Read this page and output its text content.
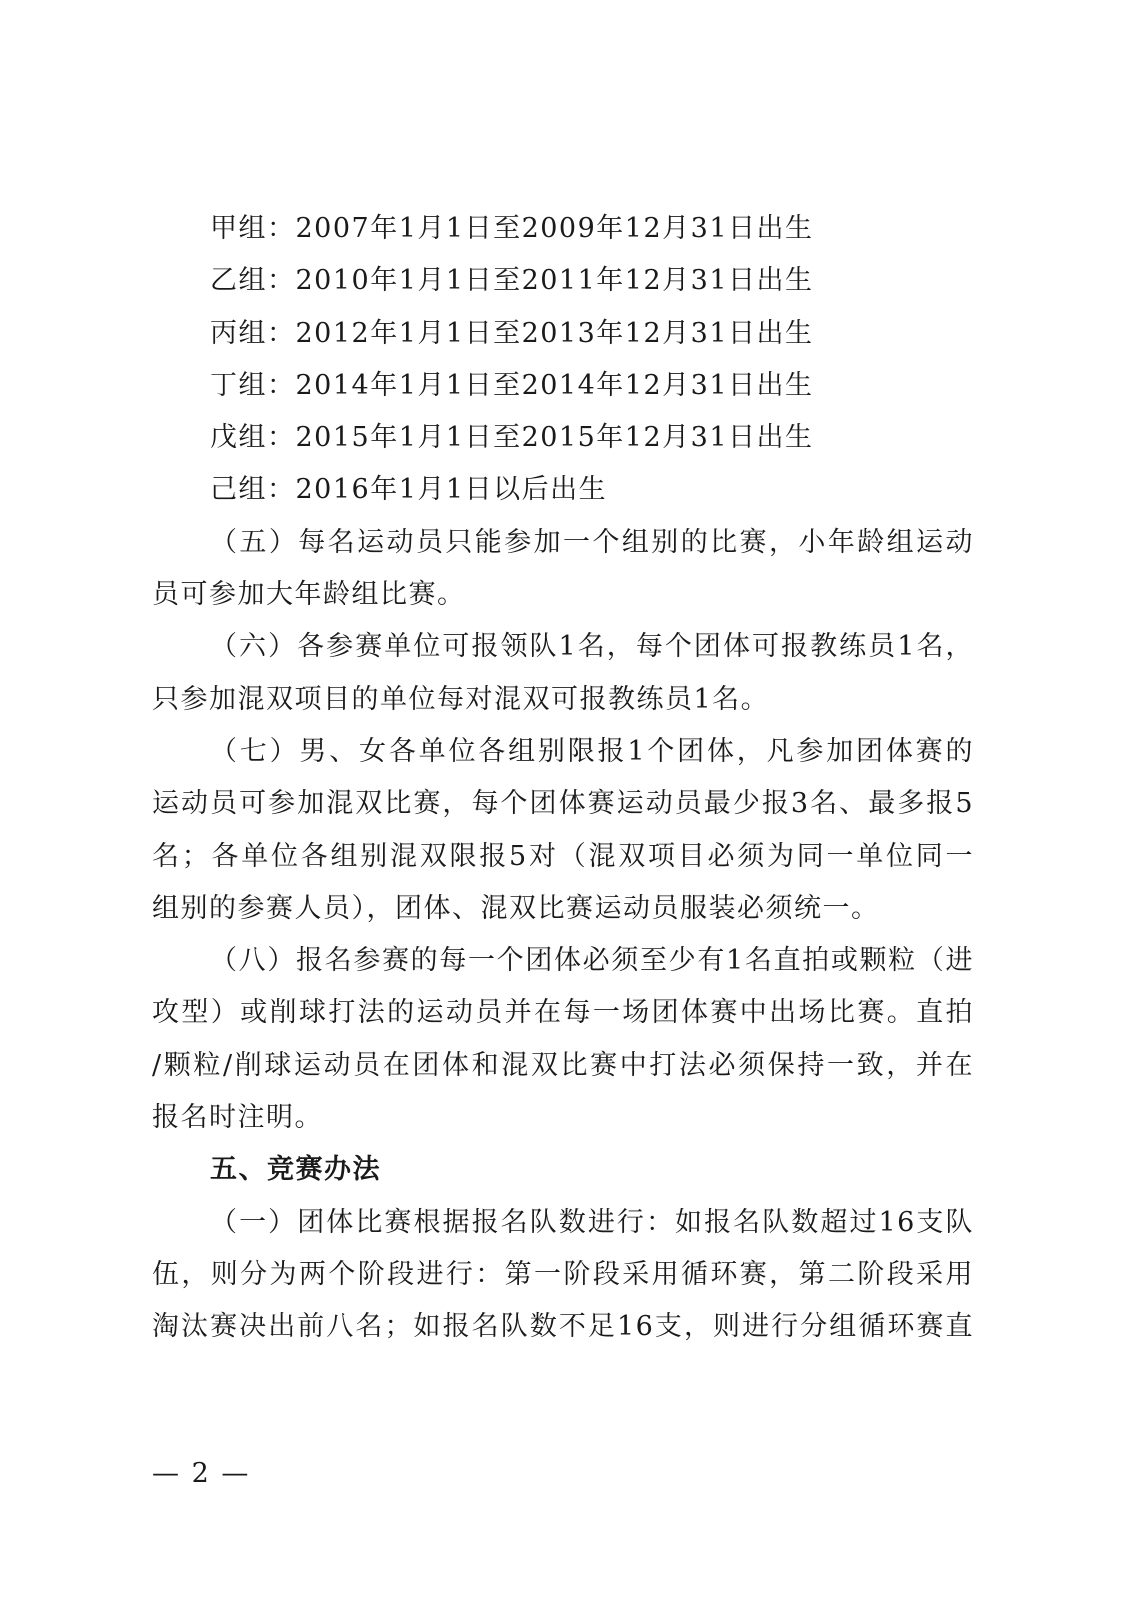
甲组：2007年1月1日至2009年12月31日出生
乙组：2010年1月1日至2011年12月31日出生
丙组：2012年1月1日至2013年12月31日出生
丁组：2014年1月1日至2014年12月31日出生
戊组：2015年1月1日至2015年12月31日出生
己组：2016年1月1日以后出生
（五）每名运动员只能参加一个组别的比赛，小年龄组运动
员可参加大年龄组比赛。
（六）各参赛单位可报领队1名，每个团体可报教练员1名，
只参加混双项目的单位每对混双可报教练员1名。
（七）男、女各单位各组别限报1个团体，凡参加团体赛的
运动员可参加混双比赛，每个团体赛运动员最少报3名、最多报5
名；各单位各组别混双限报5对（混双项目必须为同一单位同一
组别的参赛人员），团体、混双比赛运动员服装必须统一。
（八）报名参赛的每一个团体必须至少有1名直拍或颗粒（进
攻型）或削球打法的运动员并在每一场团体赛中出场比赛。直拍
/颗粒/削球运动员在团体和混双比赛中打法必须保持一致，并在
报名时注明。
五、竞赛办法
（一）团体比赛根据报名队数进行：如报名队数超过16支队
伍，则分为两个阶段进行：第一阶段采用循环赛，第二阶段采用
淘汰赛决出前八名；如报名队数不足16支，则进行分组循环赛直
— 2 —
